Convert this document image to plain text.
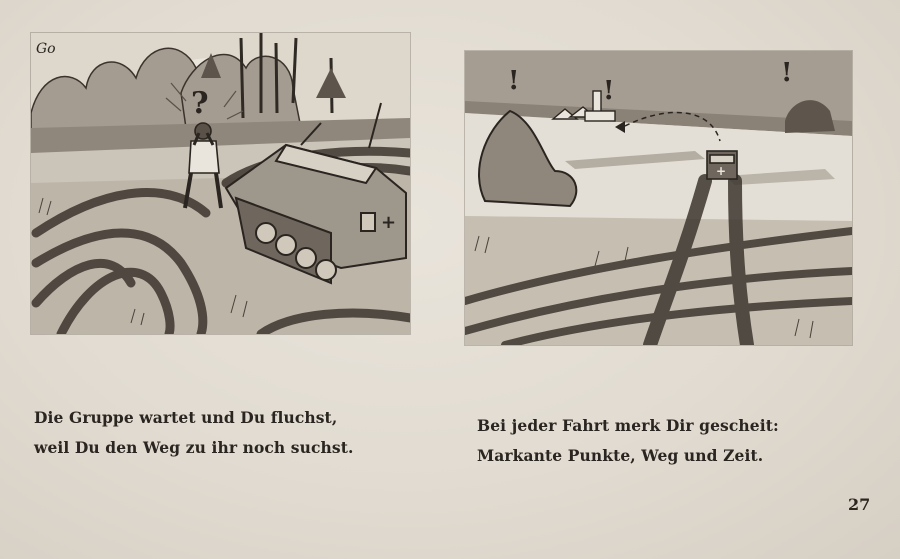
?
+
Go
!	!
!
+
Die Gruppe wartet und Du fluchst,
weil Du den Weg zu ihr noch suchst.
Bei jeder Fahrt merk Dir gescheit:
Markante Punkte, Weg und Zeit.
27
